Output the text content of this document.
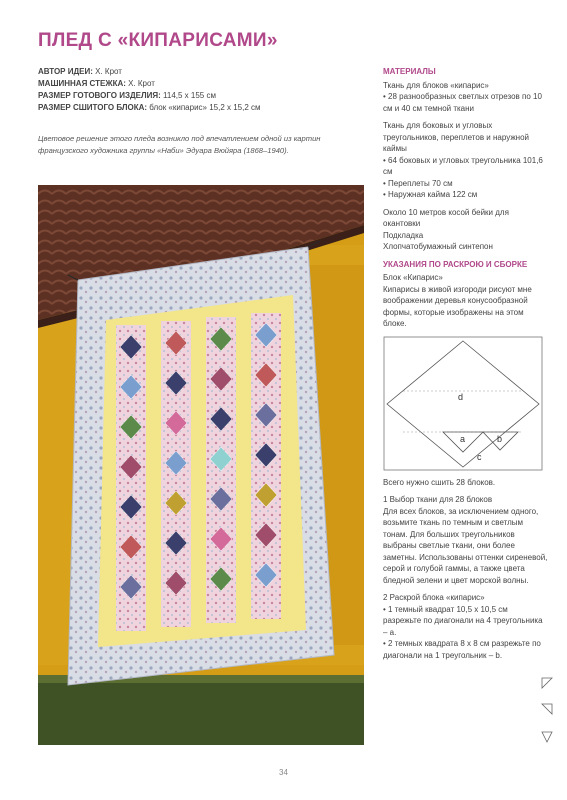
ПЛЕД С «КИПАРИСАМИ»
АВТОР ИДЕИ: Х. Крот
МАШИННАЯ СТЕЖКА: Х. Крот
РАЗМЕР ГОТОВОГО ИЗДЕЛИЯ: 114,5 х 155 см
РАЗМЕР СШИТОГО БЛОКА: блок «кипарис» 15,2 х 15,2 см
Цветовое решение этого пледа возникло под впечатлением одной из картин французского художника группы «Наби» Эдуара Вюйяра (1868–1940).
МАТЕРИАЛЫ
Ткань для блоков «кипарис»
• 28 разнообразных светлых отрезов по 10 см и 40 см темной ткани
Ткань для боковых и угловых треугольников, переплетов и наружной каймы
• 64 боковых и угловых треугольника 101,6 см
• Переплеты 70 см
• Наружная кайма 122 см
Около 10 метров косой бейки для окантовки
Подкладка
Хлопчатобумажный синтепон
УКАЗАНИЯ ПО РАСКРОЮ И СБОРКЕ
Блок «Кипарис»
Кипарисы в живой изгороди рисуют мне воображении деревья конусообразной формы, которые изображены на этом блоке.
d
a	b
c
Всего нужно сшить 28 блоков.
1 Выбор ткани для 28 блоков
Для всех блоков, за исключением одного, возьмите ткань по темным и светлым тонам. Для больших треугольников выбраны светлые ткани, они более заметны. Использованы оттенки сиреневой, серой и голубой гаммы, а также цвета бледной зелени и цвет морской волны.
2 Раскрой блока «кипарис»
• 1 темный квадрат 10,5 х 10,5 см разрежьте по диагонали на 4 треугольника – а.
• 2 темных квадрата 8 х 8 см разрежьте по диагонали на 1 треугольник – b.
34
